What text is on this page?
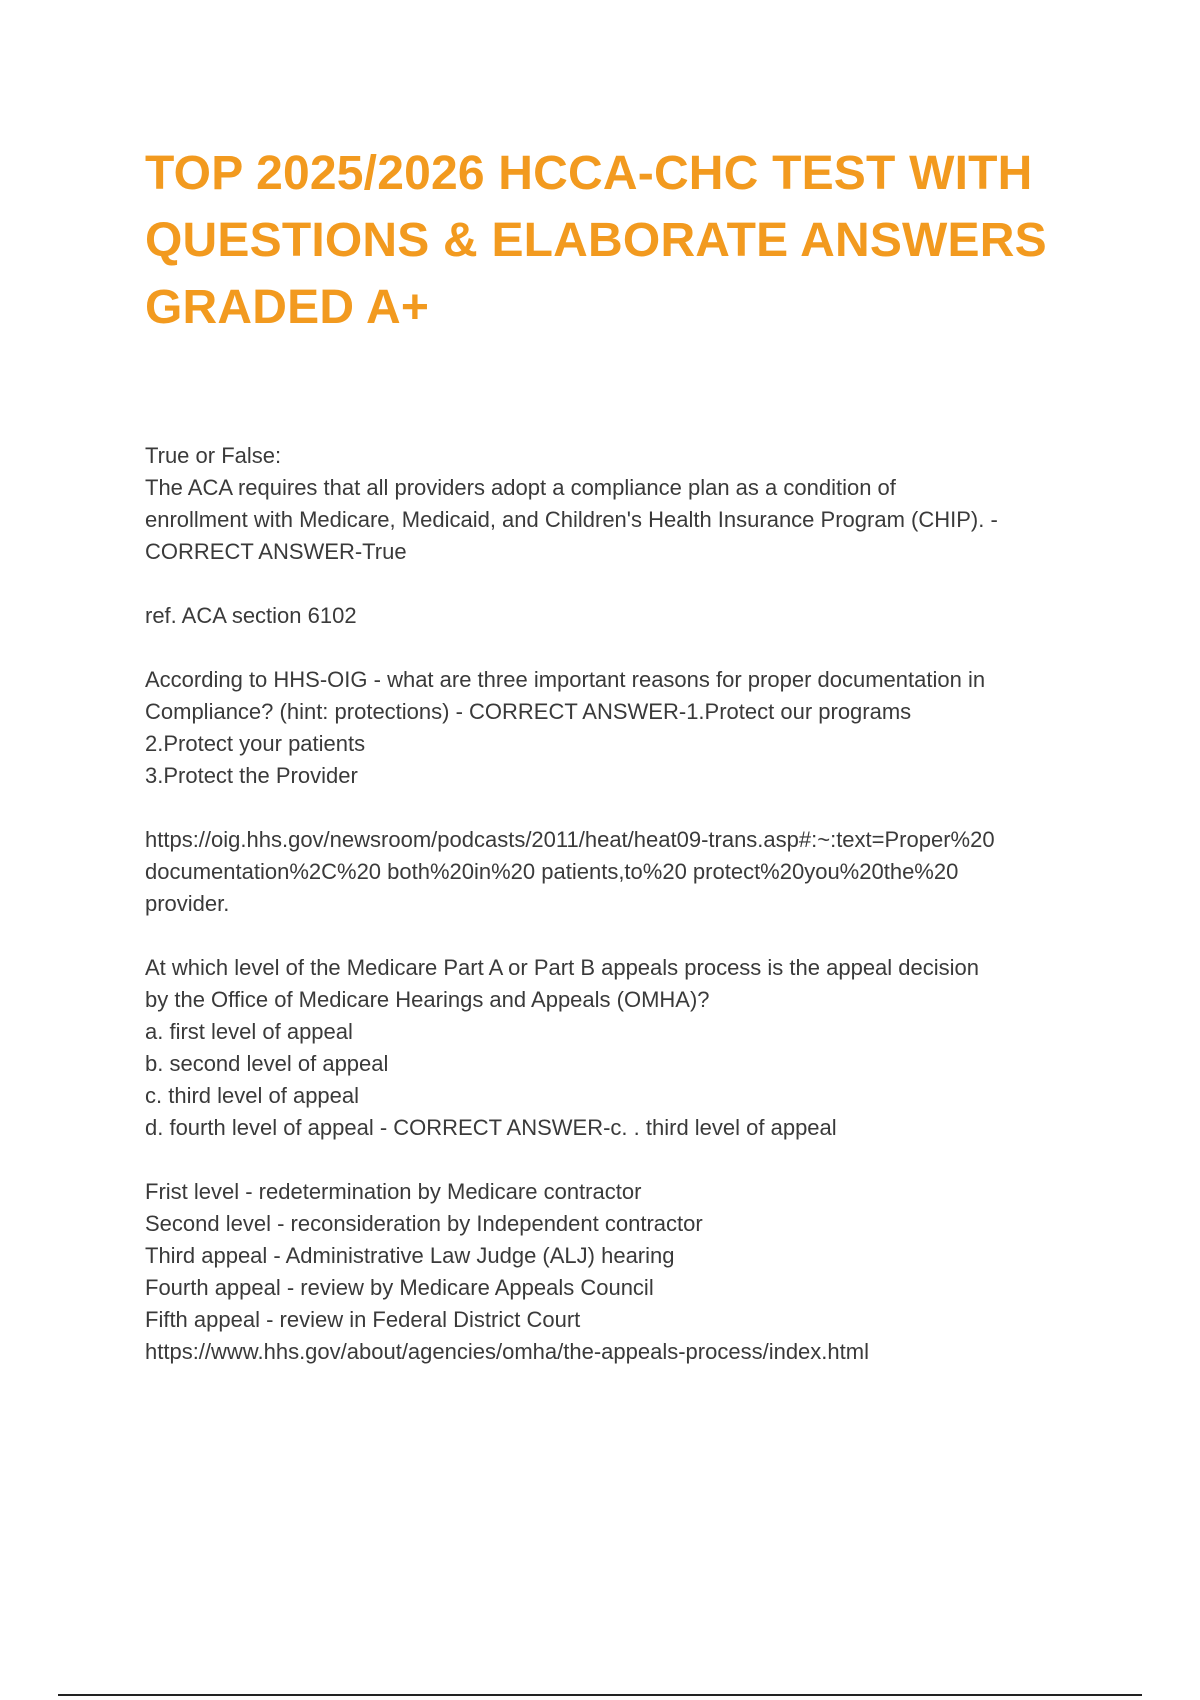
TOP 2025/2026 HCCA-CHC TEST WITH
QUESTIONS & ELABORATE ANSWERS
GRADED A+
True or False:
The ACA requires that all providers adopt a compliance plan as a condition of
enrollment with Medicare, Medicaid, and Children's Health Insurance Program (CHIP). -
CORRECT ANSWER-True
ref. ACA section 6102
According to HHS-OIG - what are three important reasons for proper documentation in
Compliance? (hint: protections) - CORRECT ANSWER-1.Protect our programs
2.Protect your patients
3.Protect the Provider
https://oig.hhs.gov/newsroom/podcasts/2011/heat/heat09-trans.asp#:~:text=Proper%20
documentation%2C%20 both%20in%20 patients,to%20 protect%20you%20the%20
provider.
At which level of the Medicare Part A or Part B appeals process is the appeal decision
by the Office of Medicare Hearings and Appeals (OMHA)?
a. first level of appeal
b. second level of appeal
c. third level of appeal
d. fourth level of appeal - CORRECT ANSWER-c. . third level of appeal
Frist level - redetermination by Medicare contractor
Second level - reconsideration by Independent contractor
Third appeal - Administrative Law Judge (ALJ) hearing
Fourth appeal - review by Medicare Appeals Council
Fifth appeal - review in Federal District Court
https://www.hhs.gov/about/agencies/omha/the-appeals-process/index.html
